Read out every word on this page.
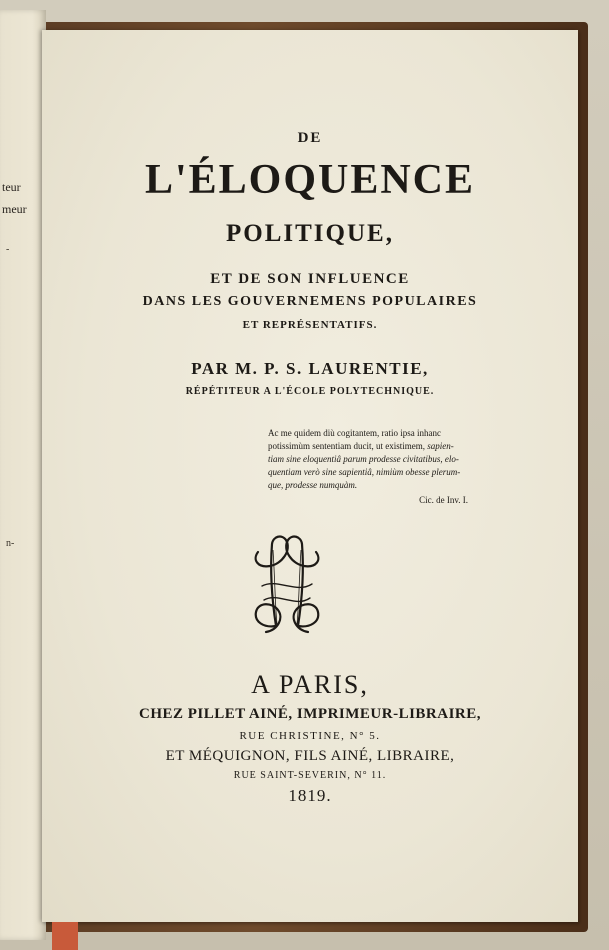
teur
meur
-
n-
DE
L'ÉLOQUENCE
POLITIQUE,
ET DE SON INFLUENCE
DANS LES GOUVERNEMENS POPULAIRES
ET REPRÉSENTATIFS.
PAR M. P. S. LAURENTIE,
RÉPÉTITEUR A L'ÉCOLE POLYTECHNIQUE.
Ac me quidem diù cogitantem, ratio ipsa inhanc
potissimùm sententiam ducit, ut existimem, sapien-
tiam sine eloquentiâ parum prodesse civitatibus, elo-
quentiam verò sine sapientiâ, nimiùm obesse plerum-
que, prodesse numquàm.
Cic. de Inv. I.
A PARIS,
CHEZ PILLET AINÉ, IMPRIMEUR-LIBRAIRE,
RUE CHRISTINE, N° 5.
ET MÉQUIGNON, FILS AINÉ, LIBRAIRE,
RUE SAINT-SEVERIN, N° 11.
1819.
